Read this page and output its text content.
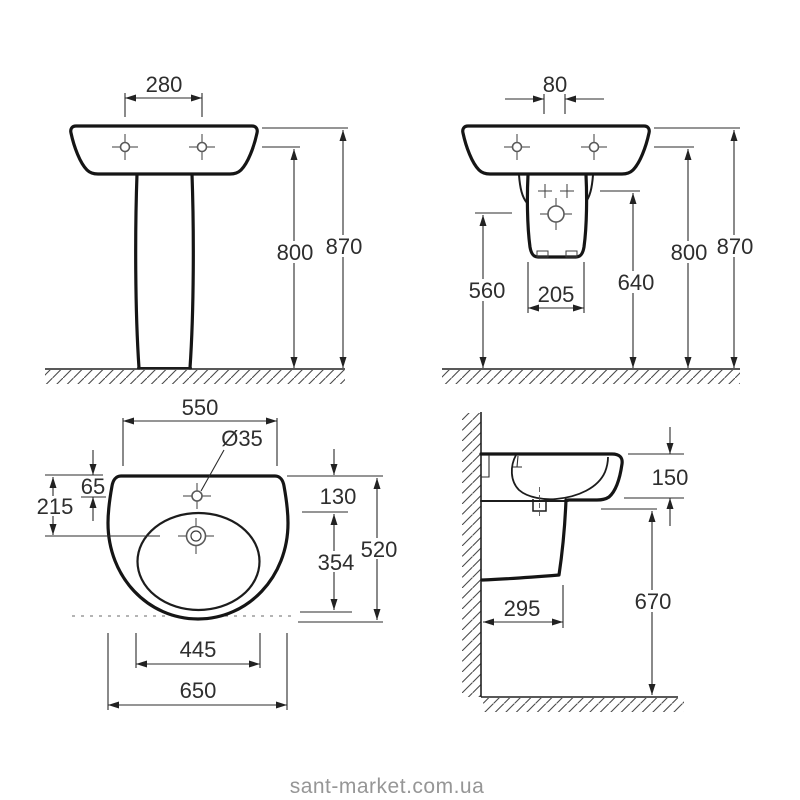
280
800 870
80
560 205 640
800 870
Ø35
550
65
215	130
354
520
445
650
150
670
295
sant-market.com.ua
